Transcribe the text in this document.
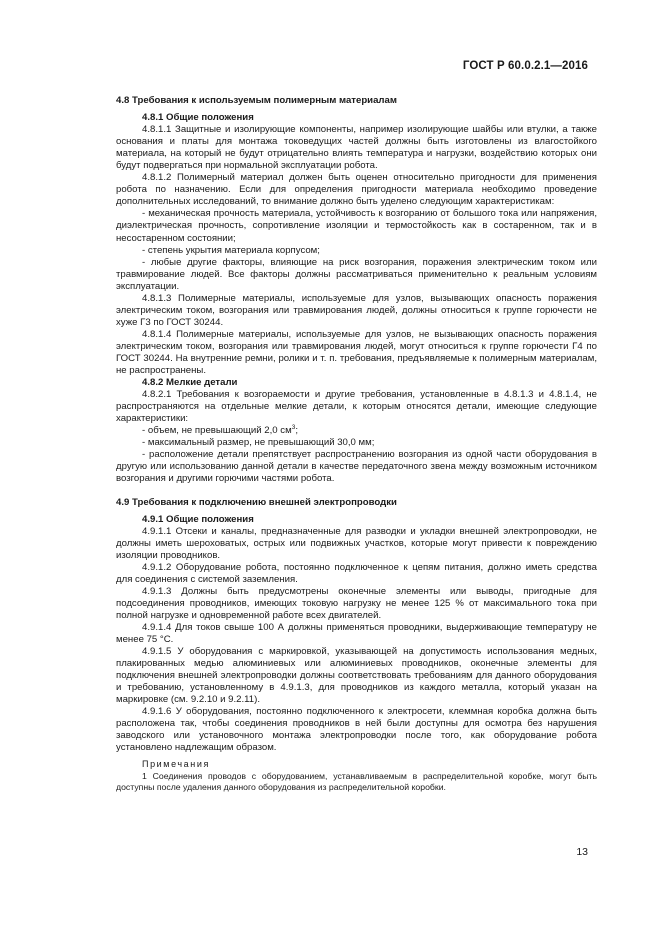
ГОСТ Р 60.0.2.1—2016

4.8 Требования к используемым полимерным материалам

4.8.1 Общие положения

4.8.1.1 Защитные и изолирующие компоненты, например изолирующие шайбы или втулки, а также основания и платы для монтажа токоведущих частей должны быть изготовлены из влагостойкого материала, на который не будут отрицательно влиять температура и нагрузки, воздействию которых они будут подвергаться при нормальной эксплуатации робота.

4.8.1.2 Полимерный материал должен быть оценен относительно пригодности для применения робота по назначению. Если для определения пригодности материала необходимо проведение дополнительных исследований, то внимание должно быть уделено следующим характеристикам:

- механическая прочность материала, устойчивость к возгоранию от большого тока или напряжения, диэлектрическая прочность, сопротивление изоляции и термостойкость как в состаренном, так и в несостаренном состоянии;

- степень укрытия материала корпусом;

- любые другие факторы, влияющие на риск возгорания, поражения электрическим током или травмирование людей. Все факторы должны рассматриваться применительно к реальным условиям эксплуатации.

4.8.1.3 Полимерные материалы, используемые для узлов, вызывающих опасность поражения электрическим током, возгорания или травмирования людей, должны относиться к группе горючести не хуже Г3 по ГОСТ 30244.

4.8.1.4 Полимерные материалы, используемые для узлов, не вызывающих опасность поражения электрическим током, возгорания или травмирования людей, могут относиться к группе горючести Г4 по ГОСТ 30244. На внутренние ремни, ролики и т. п. требования, предъявляемые к полимерным материалам, не распространены.

4.8.2 Мелкие детали

4.8.2.1 Требования к возгораемости и другие требования, установленные в 4.8.1.3 и 4.8.1.4, не распространяются на отдельные мелкие детали, к которым относятся детали, имеющие следующие характеристики:

- объем, не превышающий 2,0 $см^3$;

- максимальный размер, не превышающий 30,0 мм;

- расположение детали препятствует распространению возгорания из одной части оборудования в другую или использованию данной детали в качестве передаточного звена между возможным источником возгорания и другими горючими частями робота.

4.9 Требования к подключению внешней электропроводки

4.9.1 Общие положения

4.9.1.1 Отсеки и каналы, предназначенные для разводки и укладки внешней электропроводки, не должны иметь шероховатых, острых или подвижных участков, которые могут привести к повреждению изоляции проводников.

4.9.1.2 Оборудование робота, постоянно подключенное к цепям питания, должно иметь средства для соединения с системой заземления.

4.9.1.3 Должны быть предусмотрены оконечные элементы или выводы, пригодные для подсоединения проводников, имеющих токовую нагрузку не менее 125 % от максимального тока при полной нагрузке и одновременной работе всех двигателей.

4.9.1.4 Для токов свыше 100 А должны применяться проводники, выдерживающие температуру не менее 75 °С.

4.9.1.5 У оборудования с маркировкой, указывающей на допустимость использования медных, плакированных медью алюминиевых или алюминиевых проводников, оконечные элементы для подключения внешней электропроводки должны соответствовать требованиям для данного оборудования и требованию, установленному в 4.9.1.3, для проводников из каждого металла, который указан на маркировке (см. 9.2.10 и 9.2.11).

4.9.1.6 У оборудования, постоянно подключенного к электросети, клеммная коробка должна быть расположена так, чтобы соединения проводников в ней были доступны для осмотра без нарушения заводского или установочного монтажа электропроводки после того, как оборудование робота установлено надлежащим образом.

Примечания

1 Соединения проводов с оборудованием, устанавливаемым в распределительной коробке, могут быть доступны после удаления данного оборудования из распределительной коробки.

13
